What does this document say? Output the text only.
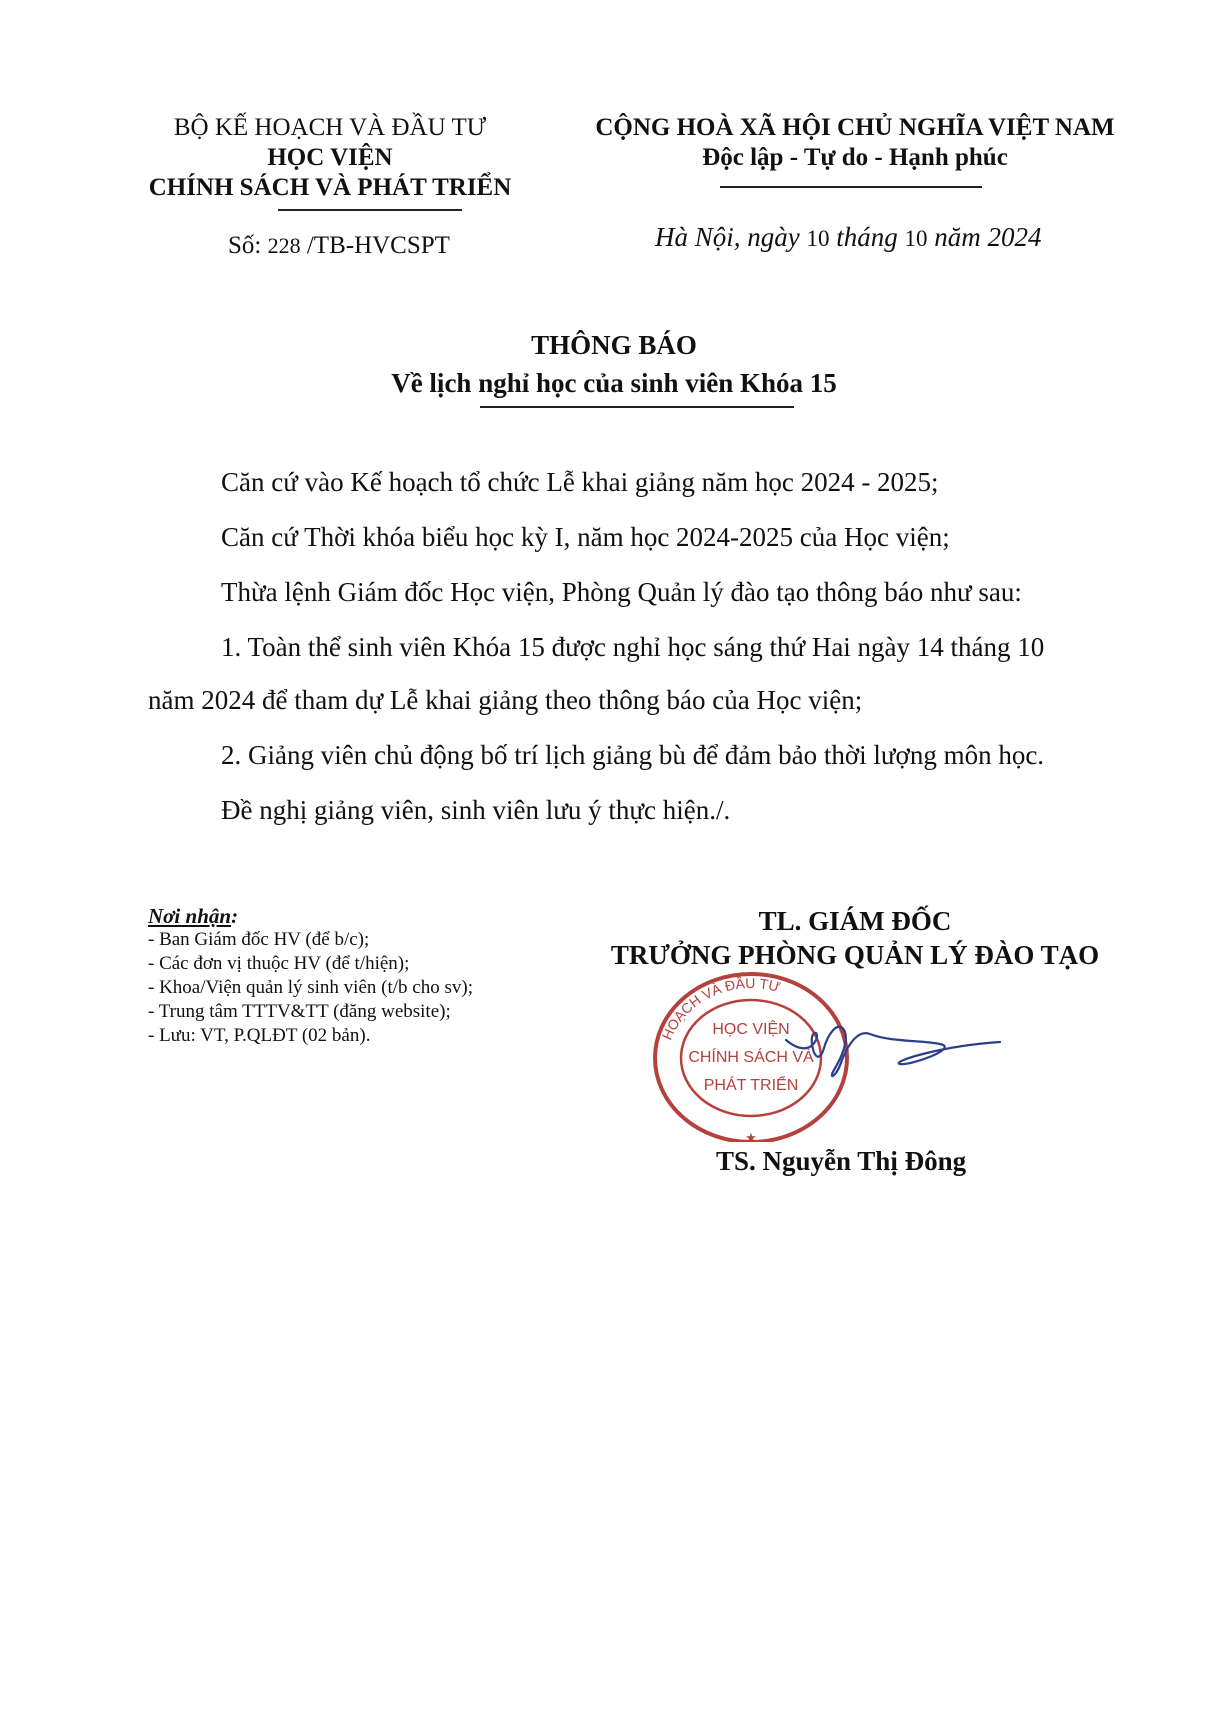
BỘ KẾ HOẠCH VÀ ĐẦU TƯ
HỌC VIỆN
CHÍNH SÁCH VÀ PHÁT TRIỂN
Số: 228 /TB-HVCSPT
CỘNG HOÀ XÃ HỘI CHỦ NGHĨA VIỆT NAM
Độc lập - Tự do - Hạnh phúc
Hà Nội, ngày 10 tháng 10 năm 2024
THÔNG BÁO
Về lịch nghỉ học của sinh viên Khóa 15

Căn cứ vào Kế hoạch tổ chức Lễ khai giảng năm học 2024 - 2025;

Căn cứ Thời khóa biểu học kỳ I, năm học 2024-2025 của Học viện;

Thừa lệnh Giám đốc Học viện, Phòng Quản lý đào tạo thông báo như sau:

1. Toàn thể sinh viên Khóa 15 được nghỉ học sáng thứ Hai ngày 14 tháng 10

năm 2024 để tham dự Lễ khai giảng theo thông báo của Học viện;

2. Giảng viên chủ động bố trí lịch giảng bù để đảm bảo thời lượng môn học.

Đề nghị giảng viên, sinh viên lưu ý thực hiện./.

Nơi nhận:
- Ban Giám đốc HV (để b/c);
- Các đơn vị thuộc HV (để t/hiện);
- Khoa/Viện quản lý sinh viên (t/b cho sv);
- Trung tâm TTTV&TT (đăng website);
- Lưu: VT, P.QLĐT (02 bản).
TL. GIÁM ĐỐC
TRƯỞNG PHÒNG QUẢN LÝ ĐÀO TẠO
HOẠCH VÀ ĐẦU TƯ
HỌC VIỆN
CHÍNH SÁCH VÀ
PHÁT TRIỂN
★
TS. Nguyễn Thị Đông
